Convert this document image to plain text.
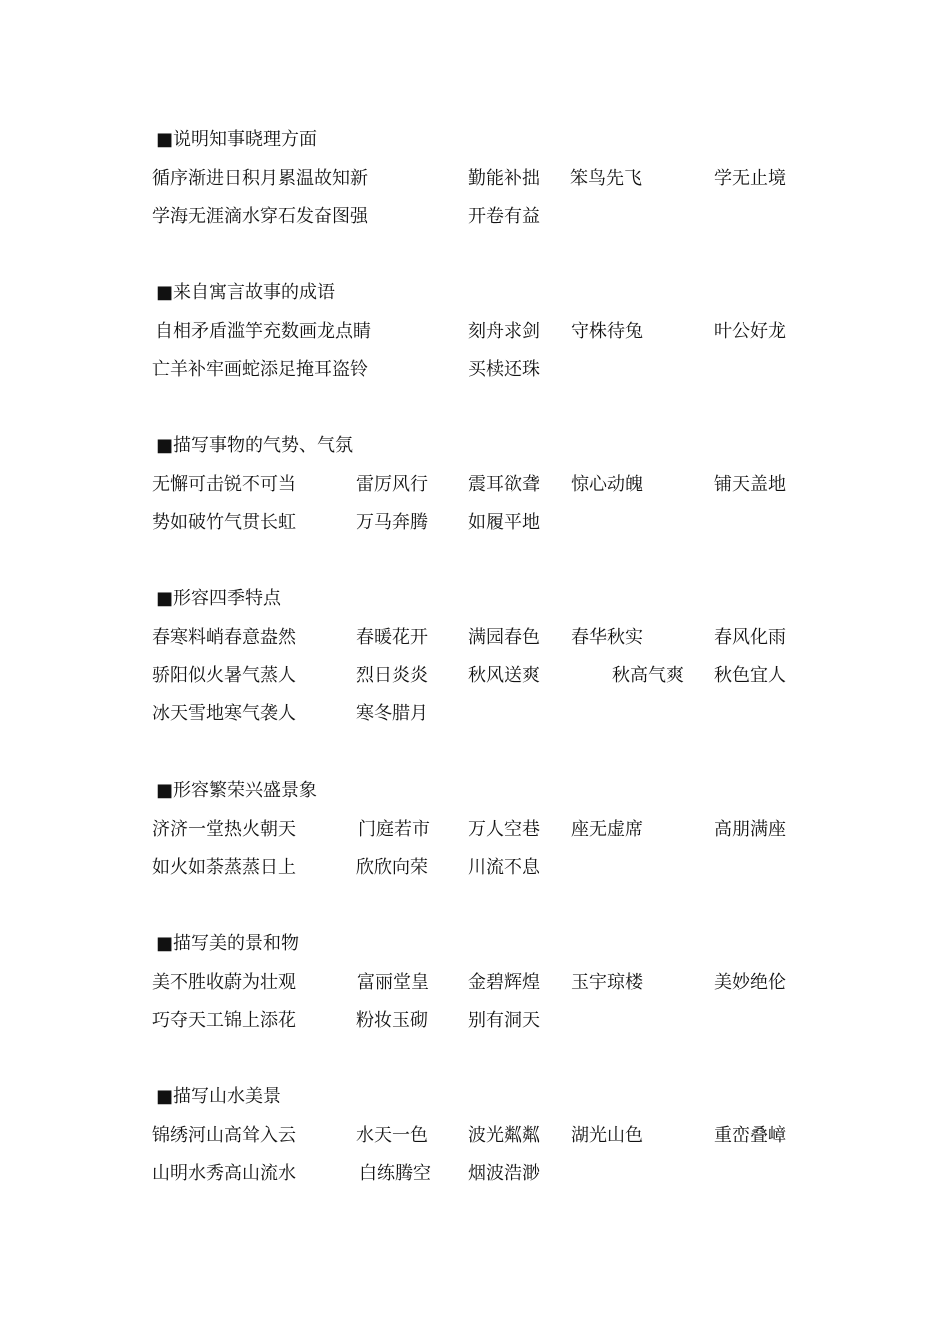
■说明知事晓理方面
循序渐进日积月累温故知新	勤能补拙 笨鸟先飞	学无止境
学海无涯滴水穿石发奋图强	开卷有益
■来自寓言故事的成语
自相矛盾滥竽充数画龙点睛	刻舟求剑 守株待兔	叶公好龙
亡羊补牢画蛇添足掩耳盗铃	买椟还珠
■描写事物的气势、气氛
无懈可击锐不可当	雷厉风行 震耳欲聋 惊心动魄	铺天盖地
势如破竹气贯长虹	万马奔腾 如履平地
■形容四季特点
春寒料峭春意盎然	春暖花开 满园春色 春华秋实	春风化雨
骄阳似火暑气蒸人	烈日炎炎 秋风送爽	秋高气爽 秋色宜人
冰天雪地寒气袭人	寒冬腊月
■形容繁荣兴盛景象
济济一堂热火朝天	门庭若市 万人空巷 座无虚席	高朋满座
如火如荼蒸蒸日上	欣欣向荣 川流不息
■描写美的景和物
美不胜收蔚为壮观	富丽堂皇 金碧辉煌 玉宇琼楼	美妙绝伦
巧夺天工锦上添花	粉妆玉砌 别有洞天
■描写山水美景
锦绣河山高耸入云	水天一色 波光粼粼 湖光山色	重峦叠嶂
山明水秀高山流水	白练腾空 烟波浩渺
